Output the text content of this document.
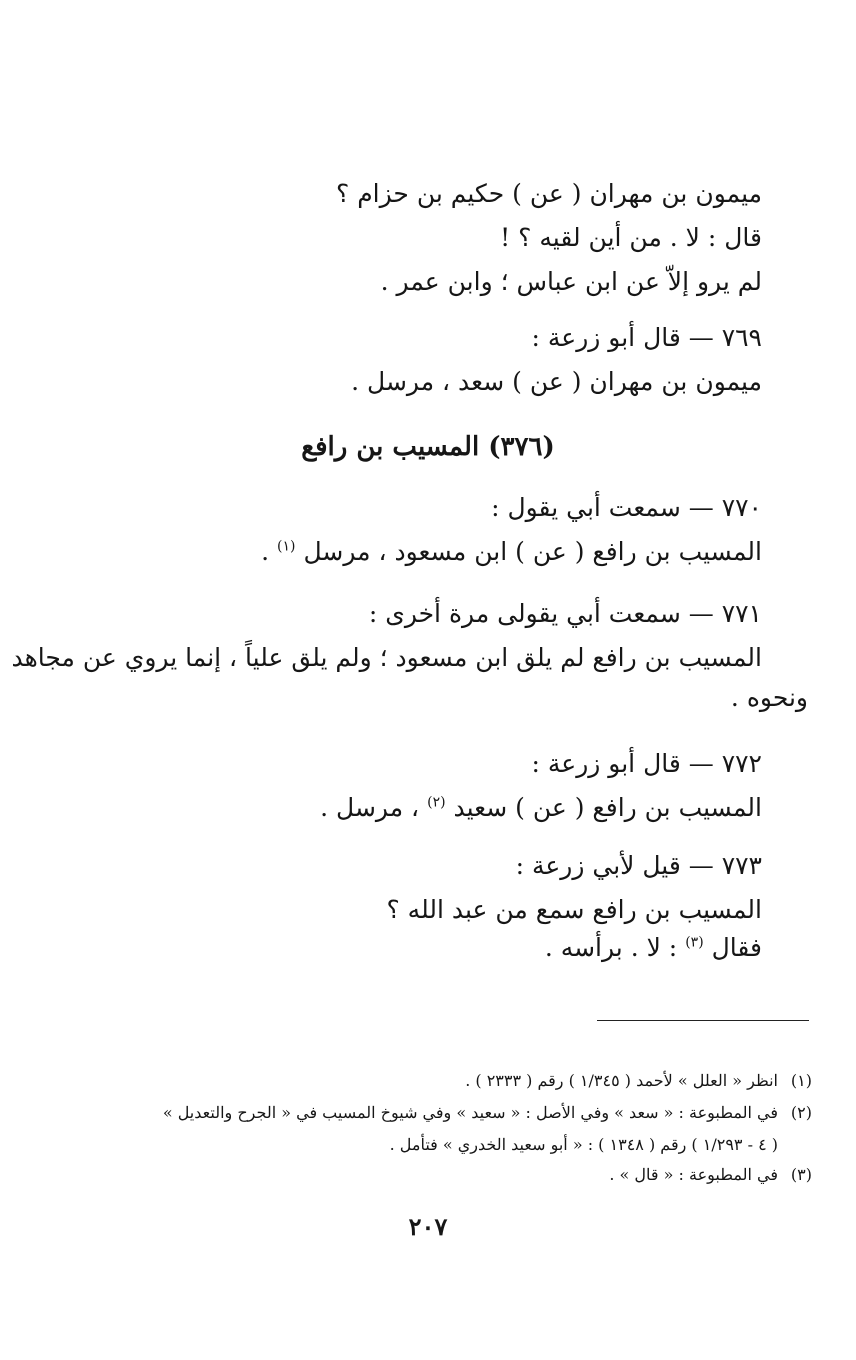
ميمون بن مهران ( عن ) حكيم بن حزام ؟
قال : لا . من أين لقيه ؟ !
لم يرو إلاّ عن ابن عباس ؛ وابن عمر .
٧٦٩ — قال أبو زرعة :
ميمون بن مهران ( عن ) سعد ، مرسل .
(٣٧٦) المسيب بن رافع
٧٧٠ — سمعت أبي يقول :
المسيب بن رافع ( عن ) ابن مسعود ، مرسل $^{(١)}$ .
٧٧١ — سمعت أبي يقولى مرة أخرى :
المسيب بن رافع لم يلق ابن مسعود ؛ ولم يلق علياً ، إنما يروي عن مجاهد
ونحوه .
٧٧٢ — قال أبو زرعة :
المسيب بن رافع ( عن ) سعيد $^{(٢)}$ ، مرسل .
٧٧٣ — قيل لأبي زرعة :
المسيب بن رافع سمع من عبد الله ؟
فقال $^{(٣)}$ : لا . برأسه .
(١)انظر « العلل » لأحمد ( ١/٣٤٥ ) رقم ( ٢٣٣٣ ) .
(٢)في المطبوعة : « سعد » وفي الأصل : « سعيد » وفي شيوخ المسيب في « الجرح والتعديل »
( ٤ - ١/٢٩٣ ) رقم ( ١٣٤٨ ) : « أبو سعيد الخدري » فتأمل .
(٣)في المطبوعة : « قال » .
٢٠٧
